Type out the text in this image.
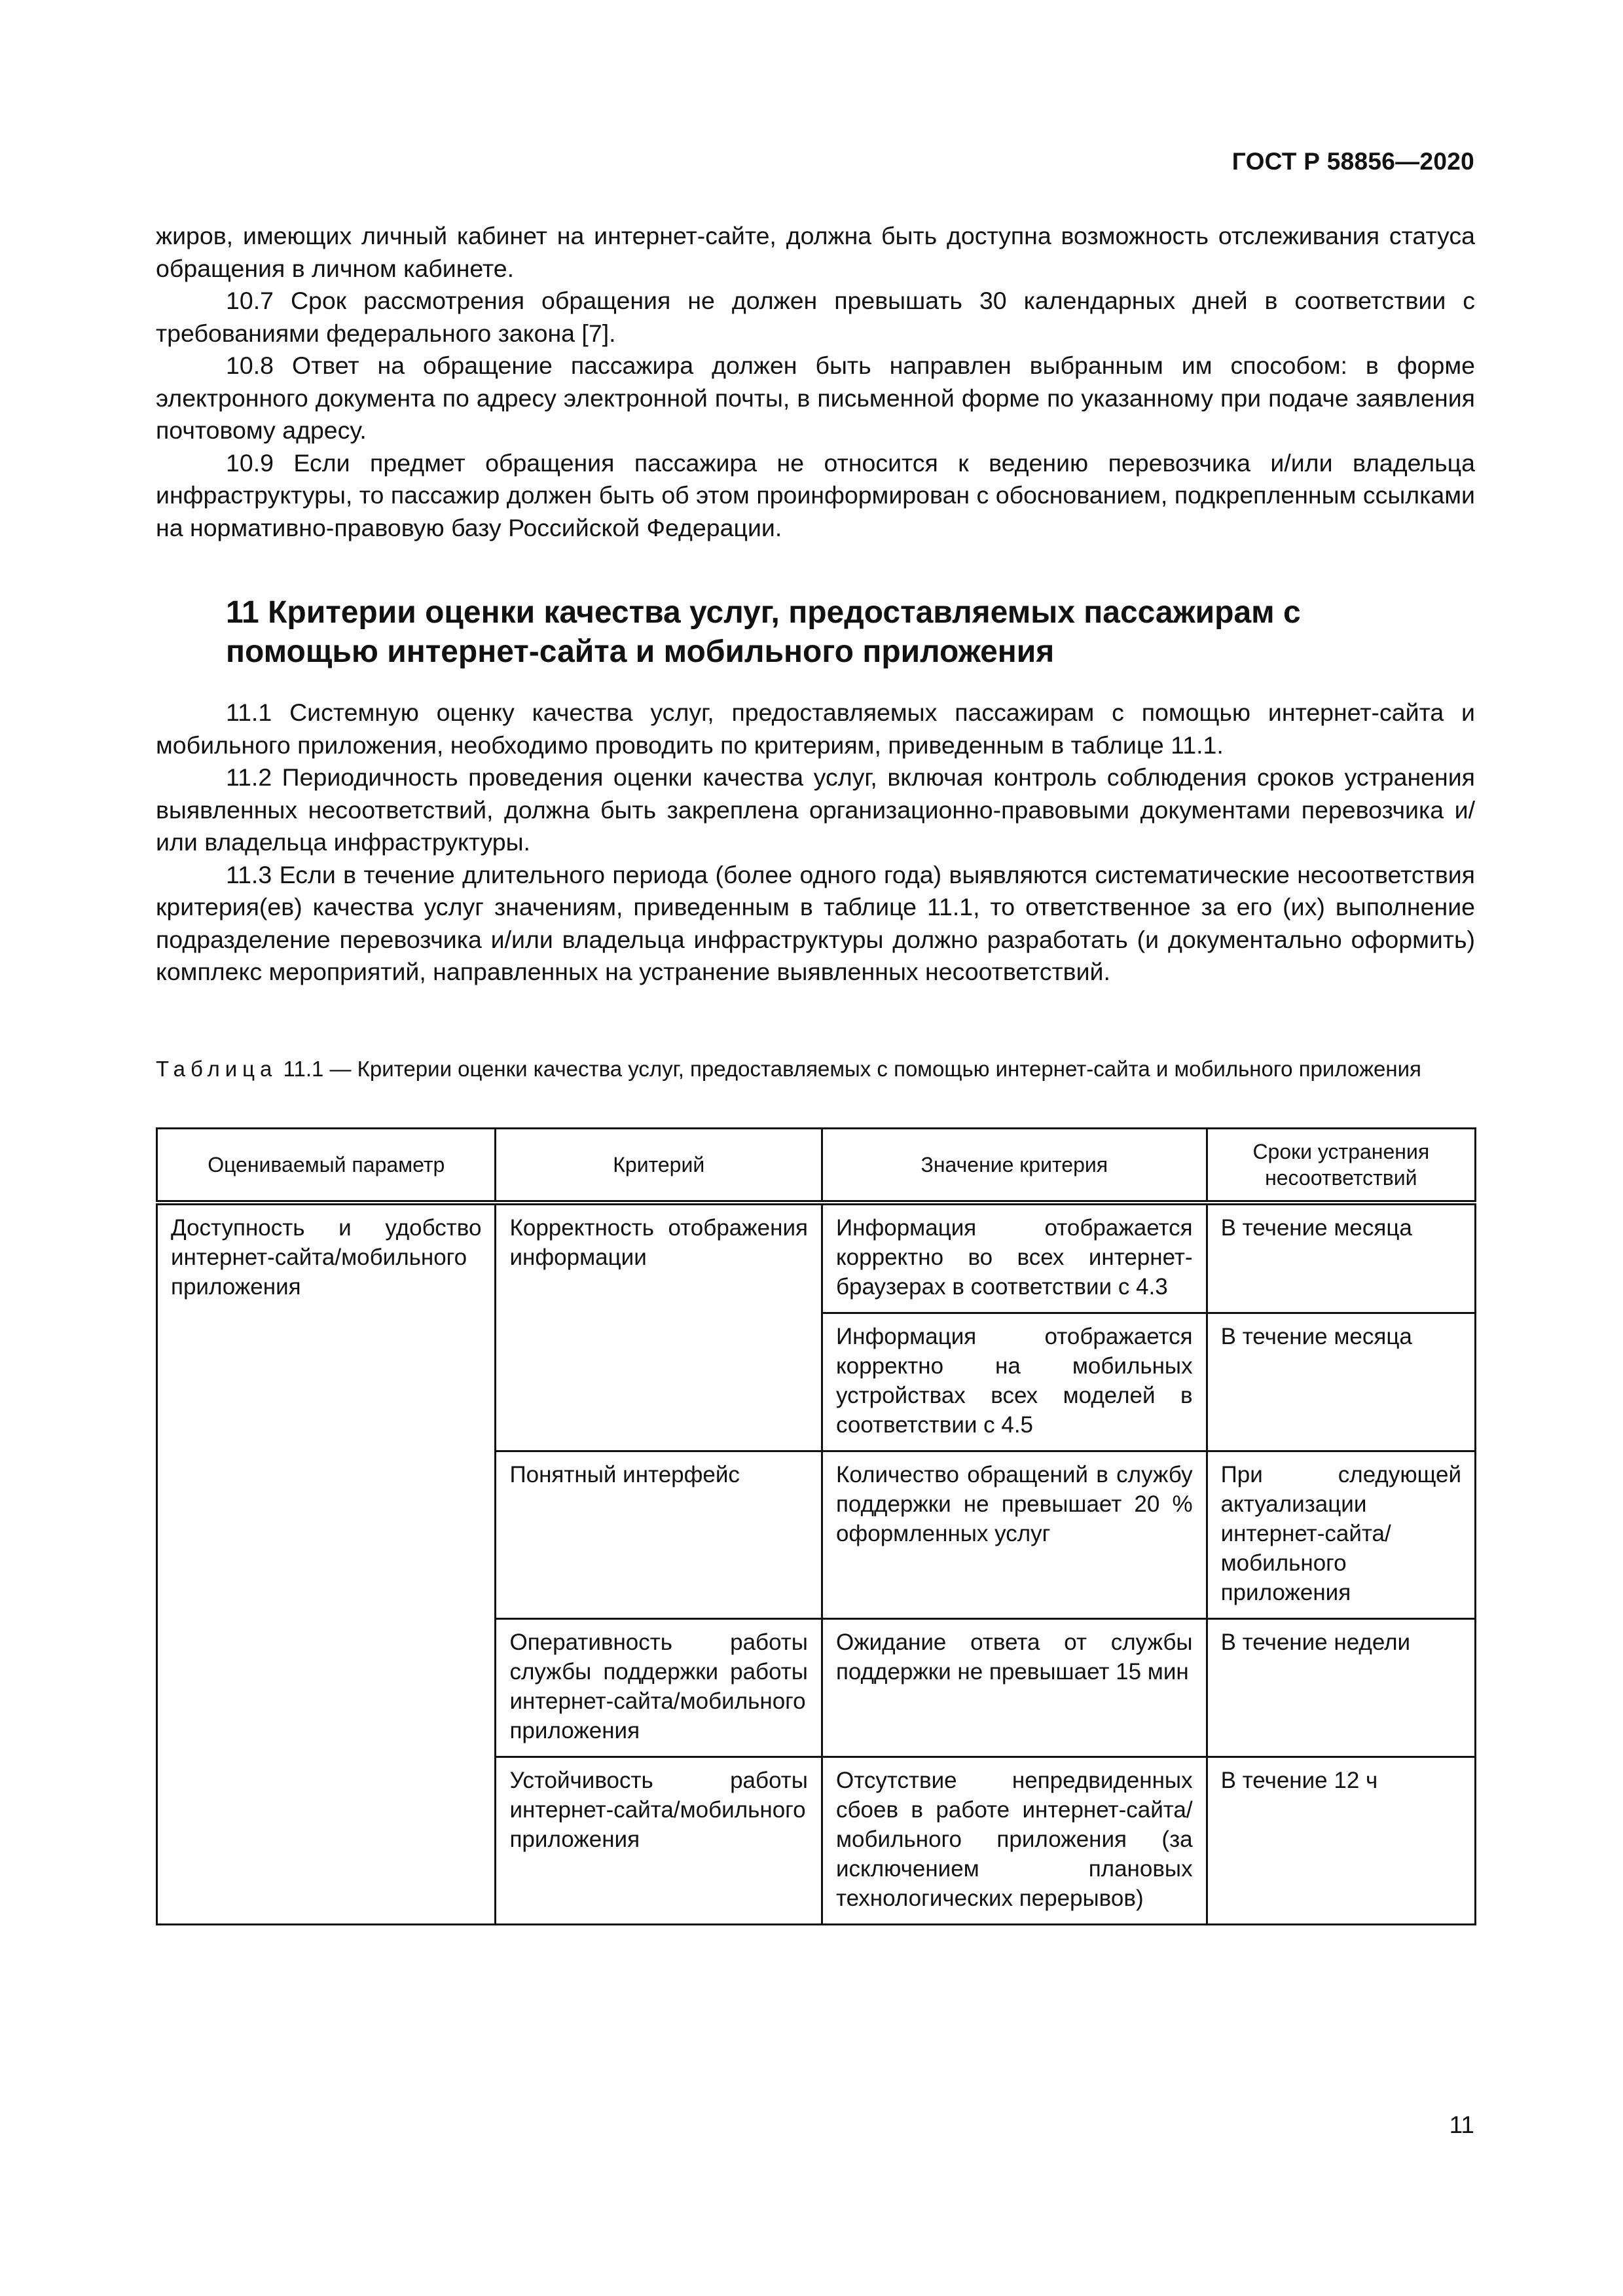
ГОСТ Р 58856—2020

жиров, имеющих личный кабинет на интернет-сайте, должна быть доступна возможность отслеживания статуса обращения в личном кабинете.

10.7 Срок рассмотрения обращения не должен превышать 30 календарных дней в соответствии с требованиями федерального закона [7].

10.8 Ответ на обращение пассажира должен быть направлен выбранным им способом: в форме электронного документа по адресу электронной почты, в письменной форме по указанному при подаче заявления почтовому адресу.

10.9 Если предмет обращения пассажира не относится к ведению перевозчика и/или владельца инфраструктуры, то пассажир должен быть об этом проинформирован с обоснованием, подкрепленным ссылками на нормативно-правовую базу Российской Федерации.

11 Критерии оценки качества услуг, предоставляемых пассажирам с помощью интернет-сайта и мобильного приложения

11.1 Системную оценку качества услуг, предоставляемых пассажирам с помощью интернет-сайта и мобильного приложения, необходимо проводить по критериям, приведенным в таблице 11.1.

11.2 Периодичность проведения оценки качества услуг, включая контроль соблюдения сроков устранения выявленных несоответствий, должна быть закреплена организационно-правовыми документами перевозчика и/или владельца инфраструктуры.

11.3 Если в течение длительного периода (более одного года) выявляются систематические несоответствия критерия(ев) качества услуг значениям, приведенным в таблице 11.1, то ответственное за его (их) выполнение подразделение перевозчика и/или владельца инфраструктуры должно разработать (и документально оформить) комплекс мероприятий, направленных на устранение выявленных несоответствий.

Таблица 11.1 — Критерии оценки качества услуг, предоставляемых с помощью интернет-сайта и мобильного приложения
Оцениваемый параметр	Критерий	Значение критерия	Сроки устранения несоответствий
Доступность и удобство интернет-сайта/мобильного приложения	Корректность отображения информации	Информация отображается корректно во всех интернет-браузерах в соответствии с 4.3	В течение месяца
		Информация отображается корректно на мобильных устройствах всех моделей в соответствии с 4.5	В течение месяца
	Понятный интерфейс	Количество обращений в службу поддержки не превышает 20 % оформленных услуг	При следующей актуализации интернет-сайта/мобильного приложения
	Оперативность работы службы поддержки работы интернет-сайта/мобильного приложения	Ожидание ответа от службы поддержки не превышает 15 мин	В течение недели
	Устойчивость работы интернет-сайта/мобильного приложения	Отсутствие непредвиденных сбоев в работе интернет-сайта/мобильного приложения (за исключением плановых технологических перерывов)	В течение 12 ч
11
